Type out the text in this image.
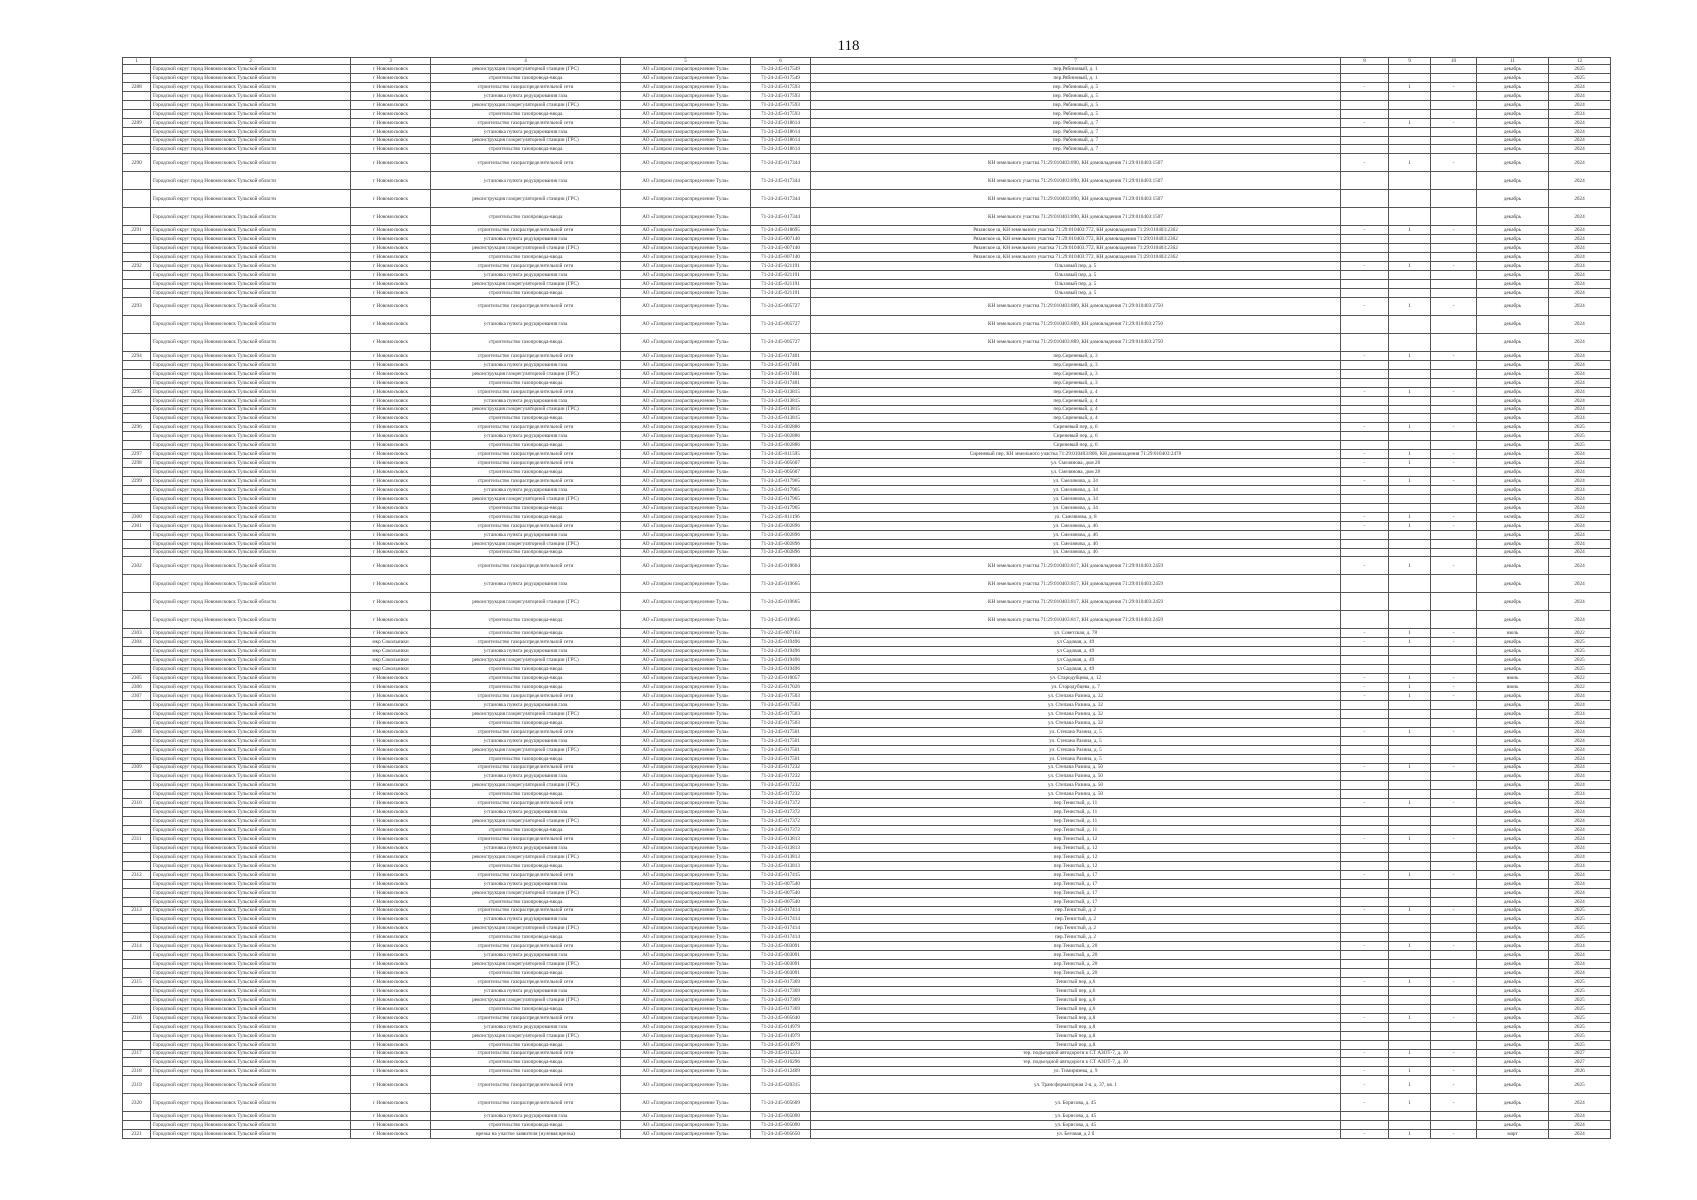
118
1	2	3	4	5	6	7	8	9	10	11	12
	Городской округ город Новомосковск Тульской области	г Новомосковск	реконструкция газорегуляторной станции (ГРС)	АО «Газпром газораспределение Тула»	71-24-245-017549	пер.Рябиновый, д. 1				декабрь	2025
	Городской округ город Новомосковск Тульской области	г Новомосковск	строительство газопровода-ввода	АО «Газпром газораспределение Тула»	71-24-245-017549	пер.Рябиновый, д. 1				декабрь	2025
2288	Городской округ город Новомосковск Тульской области	г Новомосковск	строительство газораспределительной сети	АО «Газпром газораспределение Тула»	71-24-245-017593	пер. Рябиновый, д. 5	-	1	-	декабрь	2024
	Городской округ город Новомосковск Тульской области	г Новомосковск	установка пункта редуцирования газа	АО «Газпром газораспределение Тула»	71-24-245-017593	пер. Рябиновый, д. 5				декабрь	2024
	Городской округ город Новомосковск Тульской области	г Новомосковск	реконструкция газорегуляторной станции (ГРС)	АО «Газпром газораспределение Тула»	71-24-245-017593	пер. Рябиновый, д. 5				декабрь	2024
	Городской округ город Новомосковск Тульской области	г Новомосковск	строительство газопровода-ввода	АО «Газпром газораспределение Тула»	71-24-245-017593	пер. Рябиновый, д. 5				декабрь	2024
2289	Городской округ город Новомосковск Тульской области	г Новомосковск	строительство газораспределительной сети	АО «Газпром газораспределение Тула»	71-24-245-018614	пер. Рябиновый, д. 7	-	1	-	декабрь	2024
	Городской округ город Новомосковск Тульской области	г Новомосковск	установка пункта редуцирования газа	АО «Газпром газораспределение Тула»	71-24-245-018614	пер. Рябиновый, д. 7				декабрь	2024
	Городской округ город Новомосковск Тульской области	г Новомосковск	реконструкция газорегуляторной станции (ГРС)	АО «Газпром газораспределение Тула»	71-24-245-018614	пер. Рябиновый, д. 7				декабрь	2024
	Городской округ город Новомосковск Тульской области	г Новомосковск	строительство газопровода-ввода	АО «Газпром газораспределение Тула»	71-24-245-018614	пер. Рябиновый, д. 7				декабрь	2024
2290	Городской округ город Новомосковск Тульской области	г Новомосковск	строительство газораспределительной сети	АО «Газпром газораспределение Тула»	71-24-245-017344	КН земельного участка 71:29:010403:890, КН домовладения 71:29:010403:1507	-	1	-	декабрь	2024
	Городской округ город Новомосковск Тульской области	г Новомосковск	установка пункта редуцирования газа	АО «Газпром газораспределение Тула»	71-24-245-017344	КН земельного участка 71:29:010403:890, КН домовладения 71:29:010403:1507				декабрь	2024
	Городской округ город Новомосковск Тульской области	г Новомосковск	реконструкция газорегуляторной станции (ГРС)	АО «Газпром газораспределение Тула»	71-24-245-017344	КН земельного участка 71:29:010403:890, КН домовладения 71:29:010403:1507				декабрь	2024
	Городской округ город Новомосковск Тульской области	г Новомосковск	строительство газопровода-ввода	АО «Газпром газораспределение Тула»	71-24-245-017344	КН земельного участка 71:29:010403:890, КН домовладения 71:29:010403:1507				декабрь	2024
2291	Городской округ город Новомосковск Тульской области	г Новомосковск	строительство газораспределительной сети	АО «Газпром газораспределение Тула»	71-24-245-018695	Рязанское ш, КН земельного участка 71:29:010403:772, КН домовладения 71:29:010403:2362	-	1	-	декабрь	2024
	Городской округ город Новомосковск Тульской области	г Новомосковск	установка пункта редуцирования газа	АО «Газпром газораспределение Тула»	71-24-245-007140	Рязанское ш, КН земельного участка 71:29:010403:772, КН домовладения 71:29:010403:2362				декабрь	2024
	Городской округ город Новомосковск Тульской области	г Новомосковск	реконструкция газорегуляторной станции (ГРС)	АО «Газпром газораспределение Тула»	71-24-245-007140	Рязанское ш, КН земельного участка 71:29:010403:772, КН домовладения 71:29:010403:2362				декабрь	2024
	Городской округ город Новомосковск Тульской области	г Новомосковск	строительство газопровода-ввода	АО «Газпром газораспределение Тула»	71-24-245-007140	Рязанское ш, КН земельного участка 71:29:010403:772, КН домовладения 71:29:010403:2362				декабрь	2024
2292	Городской округ город Новомосковск Тульской области	г Новомосковск	строительство газораспределительной сети	АО «Газпром газораспределение Тула»	71-24-245-021191	Ольховый пер, д. 5	-	1	-	декабрь	2024
	Городской округ город Новомосковск Тульской области	г Новомосковск	установка пункта редуцирования газа	АО «Газпром газораспределение Тула»	71-24-245-021191	Ольховый пер, д. 5				декабрь	2024
	Городской округ город Новомосковск Тульской области	г Новомосковск	реконструкция газорегуляторной станции (ГРС)	АО «Газпром газораспределение Тула»	71-24-245-021191	Ольховый пер, д. 5				декабрь	2024
	Городской округ город Новомосковск Тульской области	г Новомосковск	строительство газопровода-ввода	АО «Газпром газораспределение Тула»	71-24-245-021191	Ольховый пер, д. 5				декабрь	2024
2293	Городской округ город Новомосковск Тульской области	г Новомосковск	строительство газораспределительной сети	АО «Газпром газораспределение Тула»	71-24-245-005727	КН земельного участка 71:29:010403:889, КН домовладения 71:29:010403:2750	-	1	-	декабрь	2024
	Городской округ город Новомосковск Тульской области	г Новомосковск	установка пункта редуцирования газа	АО «Газпром газораспределение Тула»	71-24-245-005727	КН земельного участка 71:29:010403:889, КН домовладения 71:29:010403:2750				декабрь	2024
	Городской округ город Новомосковск Тульской области	г Новомосковск	строительство газопровода-ввода	АО «Газпром газораспределение Тула»	71-24-245-005727	КН земельного участка 71:29:010403:889, КН домовладения 71:29:010403:2750				декабрь	2024
2294	Городской округ город Новомосковск Тульской области	г Новомосковск	строительство газораспределительной сети	АО «Газпром газораспределение Тула»	71-24-245-017401	пер.Сиреневый, д. 3	-	1	-	декабрь	2024
	Городской округ город Новомосковск Тульской области	г Новомосковск	установка пункта редуцирования газа	АО «Газпром газораспределение Тула»	71-24-245-017401	пер.Сиреневый, д. 3				декабрь	2024
	Городской округ город Новомосковск Тульской области	г Новомосковск	реконструкция газорегуляторной станции (ГРС)	АО «Газпром газораспределение Тула»	71-24-245-017401	пер.Сиреневый, д. 3				декабрь	2024
	Городской округ город Новомосковск Тульской области	г Новомосковск	строительство газопровода-ввода	АО «Газпром газораспределение Тула»	71-24-245-017401	пер.Сиреневый, д. 3				декабрь	2024
2295	Городской округ город Новомосковск Тульской области	г Новомосковск	строительство газораспределительной сети	АО «Газпром газораспределение Тула»	71-24-245-013815	пер.Сиреневый, д. 4	-	1	-	декабрь	2024
	Городской округ город Новомосковск Тульской области	г Новомосковск	установка пункта редуцирования газа	АО «Газпром газораспределение Тула»	71-24-245-013815	пер.Сиреневый, д. 4				декабрь	2024
	Городской округ город Новомосковск Тульской области	г Новомосковск	реконструкция газорегуляторной станции (ГРС)	АО «Газпром газораспределение Тула»	71-24-245-013815	пер.Сиреневый, д. 4				декабрь	2024
	Городской округ город Новомосковск Тульской области	г Новомосковск	строительство газопровода-ввода	АО «Газпром газораспределение Тула»	71-24-245-013815	пер.Сиреневый, д. 4				декабрь	2024
2296	Городской округ город Новомосковск Тульской области	г Новомосковск	строительство газораспределительной сети	АО «Газпром газораспределение Тула»	71-24-245-002886	Сиреневый пер, д. 6	-	1	-	декабрь	2025
	Городской округ город Новомосковск Тульской области	г Новомосковск	установка пункта редуцирования газа	АО «Газпром газораспределение Тула»	71-24-245-002886	Сиреневый пер, д. 6				декабрь	2025
	Городской округ город Новомосковск Тульской области	г Новомосковск	строительство газопровода-ввода	АО «Газпром газораспределение Тула»	71-24-245-002886	Сиреневый пер, д. 6				декабрь	2025
2297	Городской округ город Новомосковск Тульской области	г Новомосковск	строительство газораспределительной сети	АО «Газпром газораспределение Тула»	71-24-245-011595	Сиреневый пер, КН земельного участка 71:29:010403:806, КН домовладения 71:29:010403:2470	-	1	-	декабрь	2024
2298	Городской округ город Новомосковск Тульской области	г Новомосковск	строительство газораспределительной сети	АО «Газпром газораспределение Тула»	71-24-245-005607	ул. Смеляновa, дом 28	-	1	-	декабрь	2024
	Городской округ город Новомосковск Тульской области	г Новомосковск	строительство газопровода-ввода	АО «Газпром газораспределение Тула»	71-24-245-005607	ул. Смеляновa, дом 28				декабрь	2024
2299	Городской округ город Новомосковск Тульской области	г Новомосковск	строительство газораспределительной сети	АО «Газпром газораспределение Тула»	71-24-245-017965	ул. Смеляновa, д. 34	-	1	-	декабрь	2024
	Городской округ город Новомосковск Тульской области	г Новомосковск	установка пункта редуцирования газа	АО «Газпром газораспределение Тула»	71-24-245-017965	ул. Смеляновa, д. 34				декабрь	2024
	Городской округ город Новомосковск Тульской области	г Новомосковск	реконструкция газорегуляторной станции (ГРС)	АО «Газпром газораспределение Тула»	71-24-245-017965	ул. Смеляновa, д. 34				декабрь	2024
	Городской округ город Новомосковск Тульской области	г Новомосковск	строительство газопровода-ввода	АО «Газпром газораспределение Тула»	71-24-245-017965	ул. Смеляновa, д. 34				декабрь	2024
2300	Городской округ город Новомосковск Тульской области	г Новомосковск	строительство газопровода-ввода	АО «Газпром газораспределение Тула»	71-22-245-011196	ул. Смеляновa, д. 8	-	1	-	октябрь	2022
2301	Городской округ город Новомосковск Тульской области	г Новомосковск	строительство газораспределительной сети	АО «Газпром газораспределение Тула»	71-24-245-002896	ул. Смеляновa, д. 46	-	1	-	декабрь	2024
	Городской округ город Новомосковск Тульской области	г Новомосковск	установка пункта редуцирования газа	АО «Газпром газораспределение Тула»	71-24-245-002896	ул. Смеляновa, д. 46				декабрь	2024
	Городской округ город Новомосковск Тульской области	г Новомосковск	реконструкция газорегуляторной станции (ГРС)	АО «Газпром газораспределение Тула»	71-24-245-002896	ул. Смеляновa, д. 46				декабрь	2024
	Городской округ город Новомосковск Тульской области	г Новомосковск	строительство газопровода-ввода	АО «Газпром газораспределение Тула»	71-24-245-002896	ул. Смеляновa, д. 46				декабрь	2024
2302	Городской округ город Новомосковск Тульской области	г Новомосковск	строительство газораспределительной сети	АО «Газпром газораспределение Тула»	71-24-245-019604	КН земельного участка 71:29:010403:817, КН домовладения 71:29:010403:2459	-	1	-	декабрь	2024
	Городской округ город Новомосковск Тульской области	г Новомосковск	установка пункта редуцирования газа	АО «Газпром газораспределение Тула»	71-24-245-019665	КН земельного участка 71:29:010403:817, КН домовладения 71:29:010403:2459				декабрь	2024
	Городской округ город Новомосковск Тульской области	г Новомосковск	реконструкция газорегуляторной станции (ГРС)	АО «Газпром газораспределение Тула»	71-24-245-019665	КН земельного участка 71:29:010403:817, КН домовладения 71:29:010403:2459				декабрь	2024
	Городской округ город Новомосковск Тульской области	г Новомосковск	строительство газопровода-ввода	АО «Газпром газораспределение Тула»	71-24-245-019665	КН земельного участка 71:29:010403:817, КН домовладения 71:29:010403:2459				декабрь	2024
2303	Городской округ город Новомосковск Тульской области	г Новомосковск	строительство газопровода-ввода	АО «Газпром газораспределение Тула»	71-22-245-007163	ул. Советская, д. 78	-	1	-	июль	2022
2304	Городской округ город Новомосковск Тульской области	мкр Сокольники	строительство газораспределительной сети	АО «Газпром газораспределение Тула»	71-24-245-019496	ул Садовая, д. 49	-	1	-	декабрь	2025
	Городской округ город Новомосковск Тульской области	мкр Сокольники	установка пункта редуцирования газа	АО «Газпром газораспределение Тула»	71-24-245-019496	ул Садовая, д. 49				декабрь	2025
	Городской округ город Новомосковск Тульской области	мкр Сокольники	реконструкция газорегуляторной станции (ГРС)	АО «Газпром газораспределение Тула»	71-24-245-019496	ул Садовая, д. 49				декабрь	2025
	Городской округ город Новомосковск Тульской области	мкр Сокольники	строительство газопровода-ввода	АО «Газпром газораспределение Тула»	71-24-245-019496	ул Садовая, д. 49				декабрь	2025
2305	Городской округ город Новомосковск Тульской области	г Новомосковск	строительство газопровода-ввода	АО «Газпром газораспределение Тула»	71-22-245-010057	ул. Стародубцева, д. 12	-	1	-	июнь	2022
2306	Городской округ город Новомосковск Тульской области	г Новомосковск	строительство газопровода-ввода	АО «Газпром газораспределение Тула»	71-22-245-017026	ул. Стародубцева, д. 7	-	1	-	июнь	2022
2307	Городской округ город Новомосковск Тульской области	г Новомосковск	строительство газораспределительной сети	АО «Газпром газораспределение Тула»	71-24-245-017503	ул. Степана Разина, д. 32	-	1	-	декабрь	2024
	Городской округ город Новомосковск Тульской области	г Новомосковск	установка пункта редуцирования газа	АО «Газпром газораспределение Тула»	71-24-245-017503	ул. Степана Разина, д. 32				декабрь	2024
	Городской округ город Новомосковск Тульской области	г Новомосковск	реконструкция газорегуляторной станции (ГРС)	АО «Газпром газораспределение Тула»	71-24-245-017503	ул. Степана Разина, д. 32				декабрь	2024
	Городской округ город Новомосковск Тульской области	г Новомосковск	строительство газопровода-ввода	АО «Газпром газораспределение Тула»	71-24-245-017503	ул. Степана Разина, д. 32				декабрь	2024
2308	Городской округ город Новомосковск Тульской области	г Новомосковск	строительство газораспределительной сети	АО «Газпром газораспределение Тула»	71-24-245-017501	ул. Степана Разина, д. 5	-	1	-	декабрь	2024
	Городской округ город Новомосковск Тульской области	г Новомосковск	установка пункта редуцирования газа	АО «Газпром газораспределение Тула»	71-24-245-017501	ул. Степана Разина, д. 5				декабрь	2024
	Городской округ город Новомосковск Тульской области	г Новомосковск	реконструкция газорегуляторной станции (ГРС)	АО «Газпром газораспределение Тула»	71-24-245-017501	ул. Степана Разина, д. 5				декабрь	2024
	Городской округ город Новомосковск Тульской области	г Новомосковск	строительство газопровода-ввода	АО «Газпром газораспределение Тула»	71-24-245-017501	ул. Степана Разина, д. 5				декабрь	2024
2309	Городской округ город Новомосковск Тульской области	г Новомосковск	строительство газораспределительной сети	АО «Газпром газораспределение Тула»	71-24-245-017232	ул. Степана Разина, д. 50	-	1	-	декабрь	2024
	Городской округ город Новомосковск Тульской области	г Новомосковск	установка пункта редуцирования газа	АО «Газпром газораспределение Тула»	71-24-245-017232	ул. Степана Разина, д. 50				декабрь	2024
	Городской округ город Новомосковск Тульской области	г Новомосковск	реконструкция газорегуляторной станции (ГРС)	АО «Газпром газораспределение Тула»	71-24-245-017232	ул. Степана Разина, д. 50				декабрь	2024
	Городской округ город Новомосковск Тульской области	г Новомосковск	строительство газопровода-ввода	АО «Газпром газораспределение Тула»	71-24-245-017232	ул. Степана Разина, д. 50				декабрь	2024
2310	Городской округ город Новомосковск Тульской области	г Новомосковск	строительство газораспределительной сети	АО «Газпром газораспределение Тула»	71-24-245-017372	пер.Тенистый, д. 11	-	1	-	декабрь	2024
	Городской округ город Новомосковск Тульской области	г Новомосковск	установка пункта редуцирования газа	АО «Газпром газораспределение Тула»	71-24-245-017372	пер.Тенистый, д. 11				декабрь	2024
	Городской округ город Новомосковск Тульской области	г Новомосковск	реконструкция газорегуляторной станции (ГРС)	АО «Газпром газораспределение Тула»	71-24-245-017372	пер.Тенистый, д. 11				декабрь	2024
	Городской округ город Новомосковск Тульской области	г Новомосковск	строительство газопровода-ввода	АО «Газпром газораспределение Тула»	71-24-245-017372	пер.Тенистый, д. 11				декабрь	2024
2311	Городской округ город Новомосковск Тульской области	г Новомосковск	строительство газораспределительной сети	АО «Газпром газораспределение Тула»	71-24-245-013813	пер.Тенистый, д. 12	-	1	-	декабрь	2024
	Городской округ город Новомосковск Тульской области	г Новомосковск	установка пункта редуцирования газа	АО «Газпром газораспределение Тула»	71-24-245-013813	пер.Тенистый, д. 12				декабрь	2024
	Городской округ город Новомосковск Тульской области	г Новомосковск	реконструкция газорегуляторной станции (ГРС)	АО «Газпром газораспределение Тула»	71-24-245-013813	пер.Тенистый, д. 12				декабрь	2024
	Городской округ город Новомосковск Тульской области	г Новомосковск	строительство газопровода-ввода	АО «Газпром газораспределение Тула»	71-24-245-013813	пер.Тенистый, д. 12				декабрь	2024
2312	Городской округ город Новомосковск Тульской области	г Новомосковск	строительство газораспределительной сети	АО «Газпром газораспределение Тула»	71-24-245-017415	пер.Тенистый, д. 17	-	1	-	декабрь	2024
	Городской округ город Новомосковск Тульской области	г Новомосковск	установка пункта редуцирования газа	АО «Газпром газораспределение Тула»	71-24-245-007540	пер.Тенистый, д. 17				декабрь	2024
	Городской округ город Новомосковск Тульской области	г Новомосковск	реконструкция газорегуляторной станции (ГРС)	АО «Газпром газораспределение Тула»	71-24-245-007540	пер.Тенистый, д. 17				декабрь	2024
	Городской округ город Новомосковск Тульской области	г Новомосковск	строительство газопровода-ввода	АО «Газпром газораспределение Тула»	71-24-245-007540	пер.Тенистый, д. 17				декабрь	2024
2313	Городской округ город Новомосковск Тульской области	г Новомосковск	строительство газораспределительной сети	АО «Газпром газораспределение Тула»	71-24-245-017414	пер.Тенистый, д. 2	-	1	-	декабрь	2025
	Городской округ город Новомосковск Тульской области	г Новомосковск	установка пункта редуцирования газа	АО «Газпром газораспределение Тула»	71-24-245-017414	пер.Тенистый, д. 2				декабрь	2025
	Городской округ город Новомосковск Тульской области	г Новомосковск	реконструкция газорегуляторной станции (ГРС)	АО «Газпром газораспределение Тула»	71-24-245-017414	пер.Тенистый, д. 2				декабрь	2025
	Городской округ город Новомосковск Тульской области	г Новомосковск	строительство газопровода-ввода	АО «Газпром газораспределение Тула»	71-24-245-017414	пер.Тенистый, д. 2				декабрь	2025
2314	Городской округ город Новомосковск Тульской области	г Новомосковск	строительство газораспределительной сети	АО «Газпром газораспределение Тула»	71-24-245-003091	пер.Тенистый, д. 20	-	1	-	декабрь	2024
	Городской округ город Новомосковск Тульской области	г Новомосковск	установка пункта редуцирования газа	АО «Газпром газораспределение Тула»	71-24-245-003091	пер.Тенистый, д. 20				декабрь	2024
	Городской округ город Новомосковск Тульской области	г Новомосковск	реконструкция газорегуляторной станции (ГРС)	АО «Газпром газораспределение Тула»	71-24-245-003091	пер.Тенистый, д. 20				декабрь	2024
	Городской округ город Новомосковск Тульской области	г Новомосковск	строительство газопровода-ввода	АО «Газпром газораспределение Тула»	71-24-245-003091	пер.Тенистый, д. 20				декабрь	2024
2315	Городской округ город Новомосковск Тульской области	г Новомосковск	строительство газораспределительной сети	АО «Газпром газораспределение Тула»	71-24-245-017369	Тенистый пер, д.6	-	1	-	декабрь	2025
	Городской округ город Новомосковск Тульской области	г Новомосковск	установка пункта редуцирования газа	АО «Газпром газораспределение Тула»	71-24-245-017369	Тенистый пер, д.6				декабрь	2025
	Городской округ город Новомосковск Тульской области	г Новомосковск	реконструкция газорегуляторной станции (ГРС)	АО «Газпром газораспределение Тула»	71-24-245-017369	Тенистый пер, д.6				декабрь	2025
	Городской округ город Новомосковск Тульской области	г Новомосковск	строительство газопровода-ввода	АО «Газпром газораспределение Тула»	71-24-245-017369	Тенистый пер, д.6				декабрь	2025
2316	Городской округ город Новомосковск Тульской области	г Новомосковск	строительство газораспределительной сети	АО «Газпром газораспределение Тула»	71-24-245-005640	Тенистый пер, д.8	-	1	-	декабрь	2025
	Городской округ город Новомосковск Тульской области	г Новомосковск	установка пункта редуцирования газа	АО «Газпром газораспределение Тула»	71-24-245-014979	Тенистый пер, д.8				декабрь	2025
	Городской округ город Новомосковск Тульской области	г Новомосковск	реконструкция газорегуляторной станции (ГРС)	АО «Газпром газораспределение Тула»	71-24-245-014979	Тенистый пер, д.8				декабрь	2025
	Городской округ город Новомосковск Тульской области	г Новомосковск	строительство газопровода-ввода	АО «Газпром газораспределение Тула»	71-24-245-014979	Тенистый пер, д.8				декабрь	2025
2317	Городской округ город Новомосковск Тульской области	г Новомосковск	строительство газораспределительной сети	АО «Газпром газораспределение Тула»	71-26-245-015233	тер. подъездной автодороги к СТ АЗОТ-7, д. 10	-	1	-	декабрь	2027
	Городской округ город Новомосковск Тульской области	г Новомосковск	строительство газопровода-ввода	АО «Газпром газораспределение Тула»	71-26-245-016296	тер. подъездной автодороги к СТ АЗОТ-7, д. 10				декабрь	2027
2318	Городской округ город Новомосковск Тульской области	г Новомосковск	строительство газопровода-ввода	АО «Газпром газораспределение Тула»	71-24-245-012409	ул. Тимирязева, д. 9	-	1	-	декабрь	2026
2319	Городской округ город Новомосковск Тульской области	г Новомосковск	строительство газораспределительной сети	АО «Газпром газораспределение Тула»	71-24-245-020315	ул. Трансформаторная 2-я, д. 37, кв. 1	-	1	-	декабрь	2025
2320	Городской округ город Новомосковск Тульской области	г Новомосковск	строительство газораспределительной сети	АО «Газпром газораспределение Тула»	71-24-245-005609	ул. Борисова, д. 45	-	1	-	декабрь	2024
	Городской округ город Новомосковск Тульской области	г Новомосковск	установка пункта редуцирования газа	АО «Газпром газораспределение Тула»	71-24-245-005090	ул. Борисова, д. 45				декабрь	2024
	Городской округ город Новомосковск Тульской области	г Новомосковск	строительство газопровода-ввода	АО «Газпром газораспределение Тула»	71-24-245-005090	ул. Борисова, д. 45				декабрь	2024
2321	Городской округ город Новомосковск Тульской области	г Новомосковск	врезка на участке заявителя (нулевая врезка)	АО «Газпром газораспределение Тула»	71-24-245-005650	ул. Беговая, д 2 б	-	1	-	март	2024
